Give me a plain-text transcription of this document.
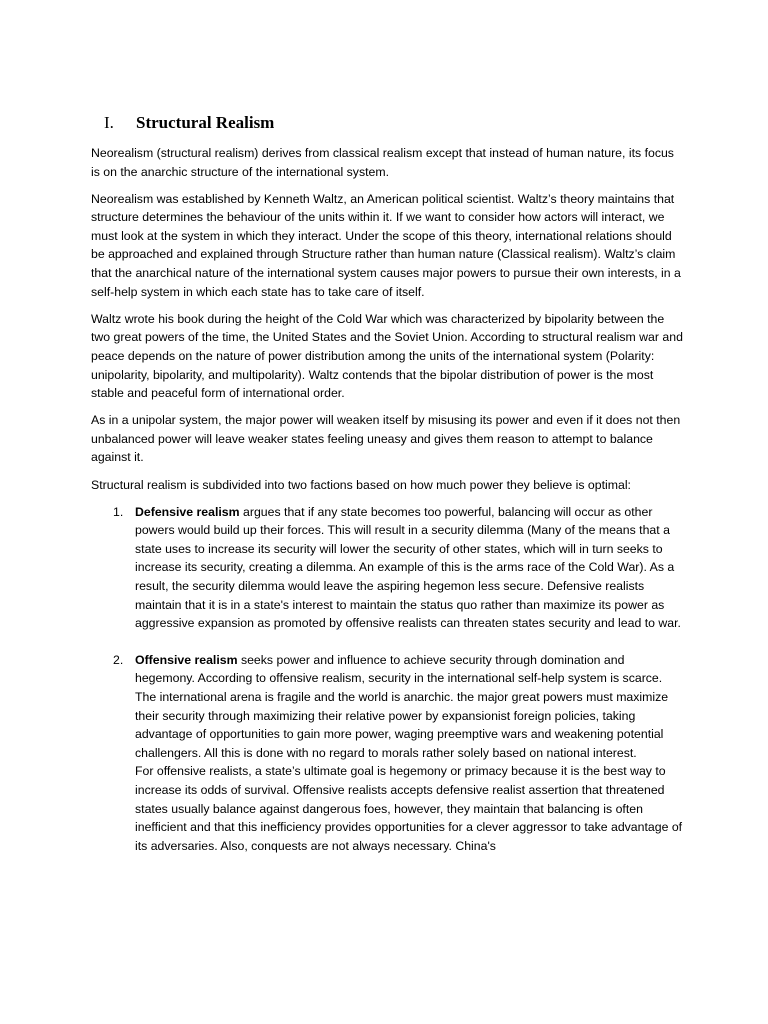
I. Structural Realism

Neorealism (structural realism) derives from classical realism except that instead of human nature, its focus is on the anarchic structure of the international system.

Neorealism was established by Kenneth Waltz, an American political scientist. Waltz’s theory maintains that structure determines the behaviour of the units within it. If we want to consider how actors will interact, we must look at the system in which they interact. Under the scope of this theory, international relations should be approached and explained through Structure rather than human nature (Classical realism). Waltz’s claim that the anarchical nature of the international system causes major powers to pursue their own interests, in a self-help system in which each state has to take care of itself.

Waltz wrote his book during the height of the Cold War which was characterized by bipolarity between the two great powers of the time, the United States and the Soviet Union. According to structural realism war and peace depends on the nature of power distribution among the units of the international system (Polarity: unipolarity, bipolarity, and multipolarity). Waltz contends that the bipolar distribution of power is the most stable and peaceful form of international order.

As in a unipolar system, the major power will weaken itself by misusing its power and even if it does not then unbalanced power will leave weaker states feeling uneasy and gives them reason to attempt to balance against it.

Structural realism is subdivided into two factions based on how much power they believe is optimal:

1. Defensive realism argues that if any state becomes too powerful, balancing will occur as other powers would build up their forces. This will result in a security dilemma (Many of the means that a state uses to increase its security will lower the security of other states, which will in turn seeks to increase its security, creating a dilemma. An example of this is the arms race of the Cold War). As a result, the security dilemma would leave the aspiring hegemon less secure. Defensive realists maintain that it is in a state's interest to maintain the status quo rather than maximize its power as aggressive expansion as promoted by offensive realists can threaten states security and lead to war.
2. Offensive realism seeks power and influence to achieve security through domination and hegemony. According to offensive realism, security in the international self-help system is scarce. The international arena is fragile and the world is anarchic. the major great powers must maximize their security through maximizing their relative power by expansionist foreign policies, taking advantage of opportunities to gain more power, waging preemptive wars and weakening potential challengers. All this is done with no regard to morals rather solely based on national interest.
For offensive realists, a state’s ultimate goal is hegemony or primacy because it is the best way to increase its odds of survival. Offensive realists accepts defensive realist assertion that threatened states usually balance against dangerous foes, however, they maintain that balancing is often inefficient and that this inefficiency provides opportunities for a clever aggressor to take advantage of its adversaries. Also, conquests are not always necessary. China's
